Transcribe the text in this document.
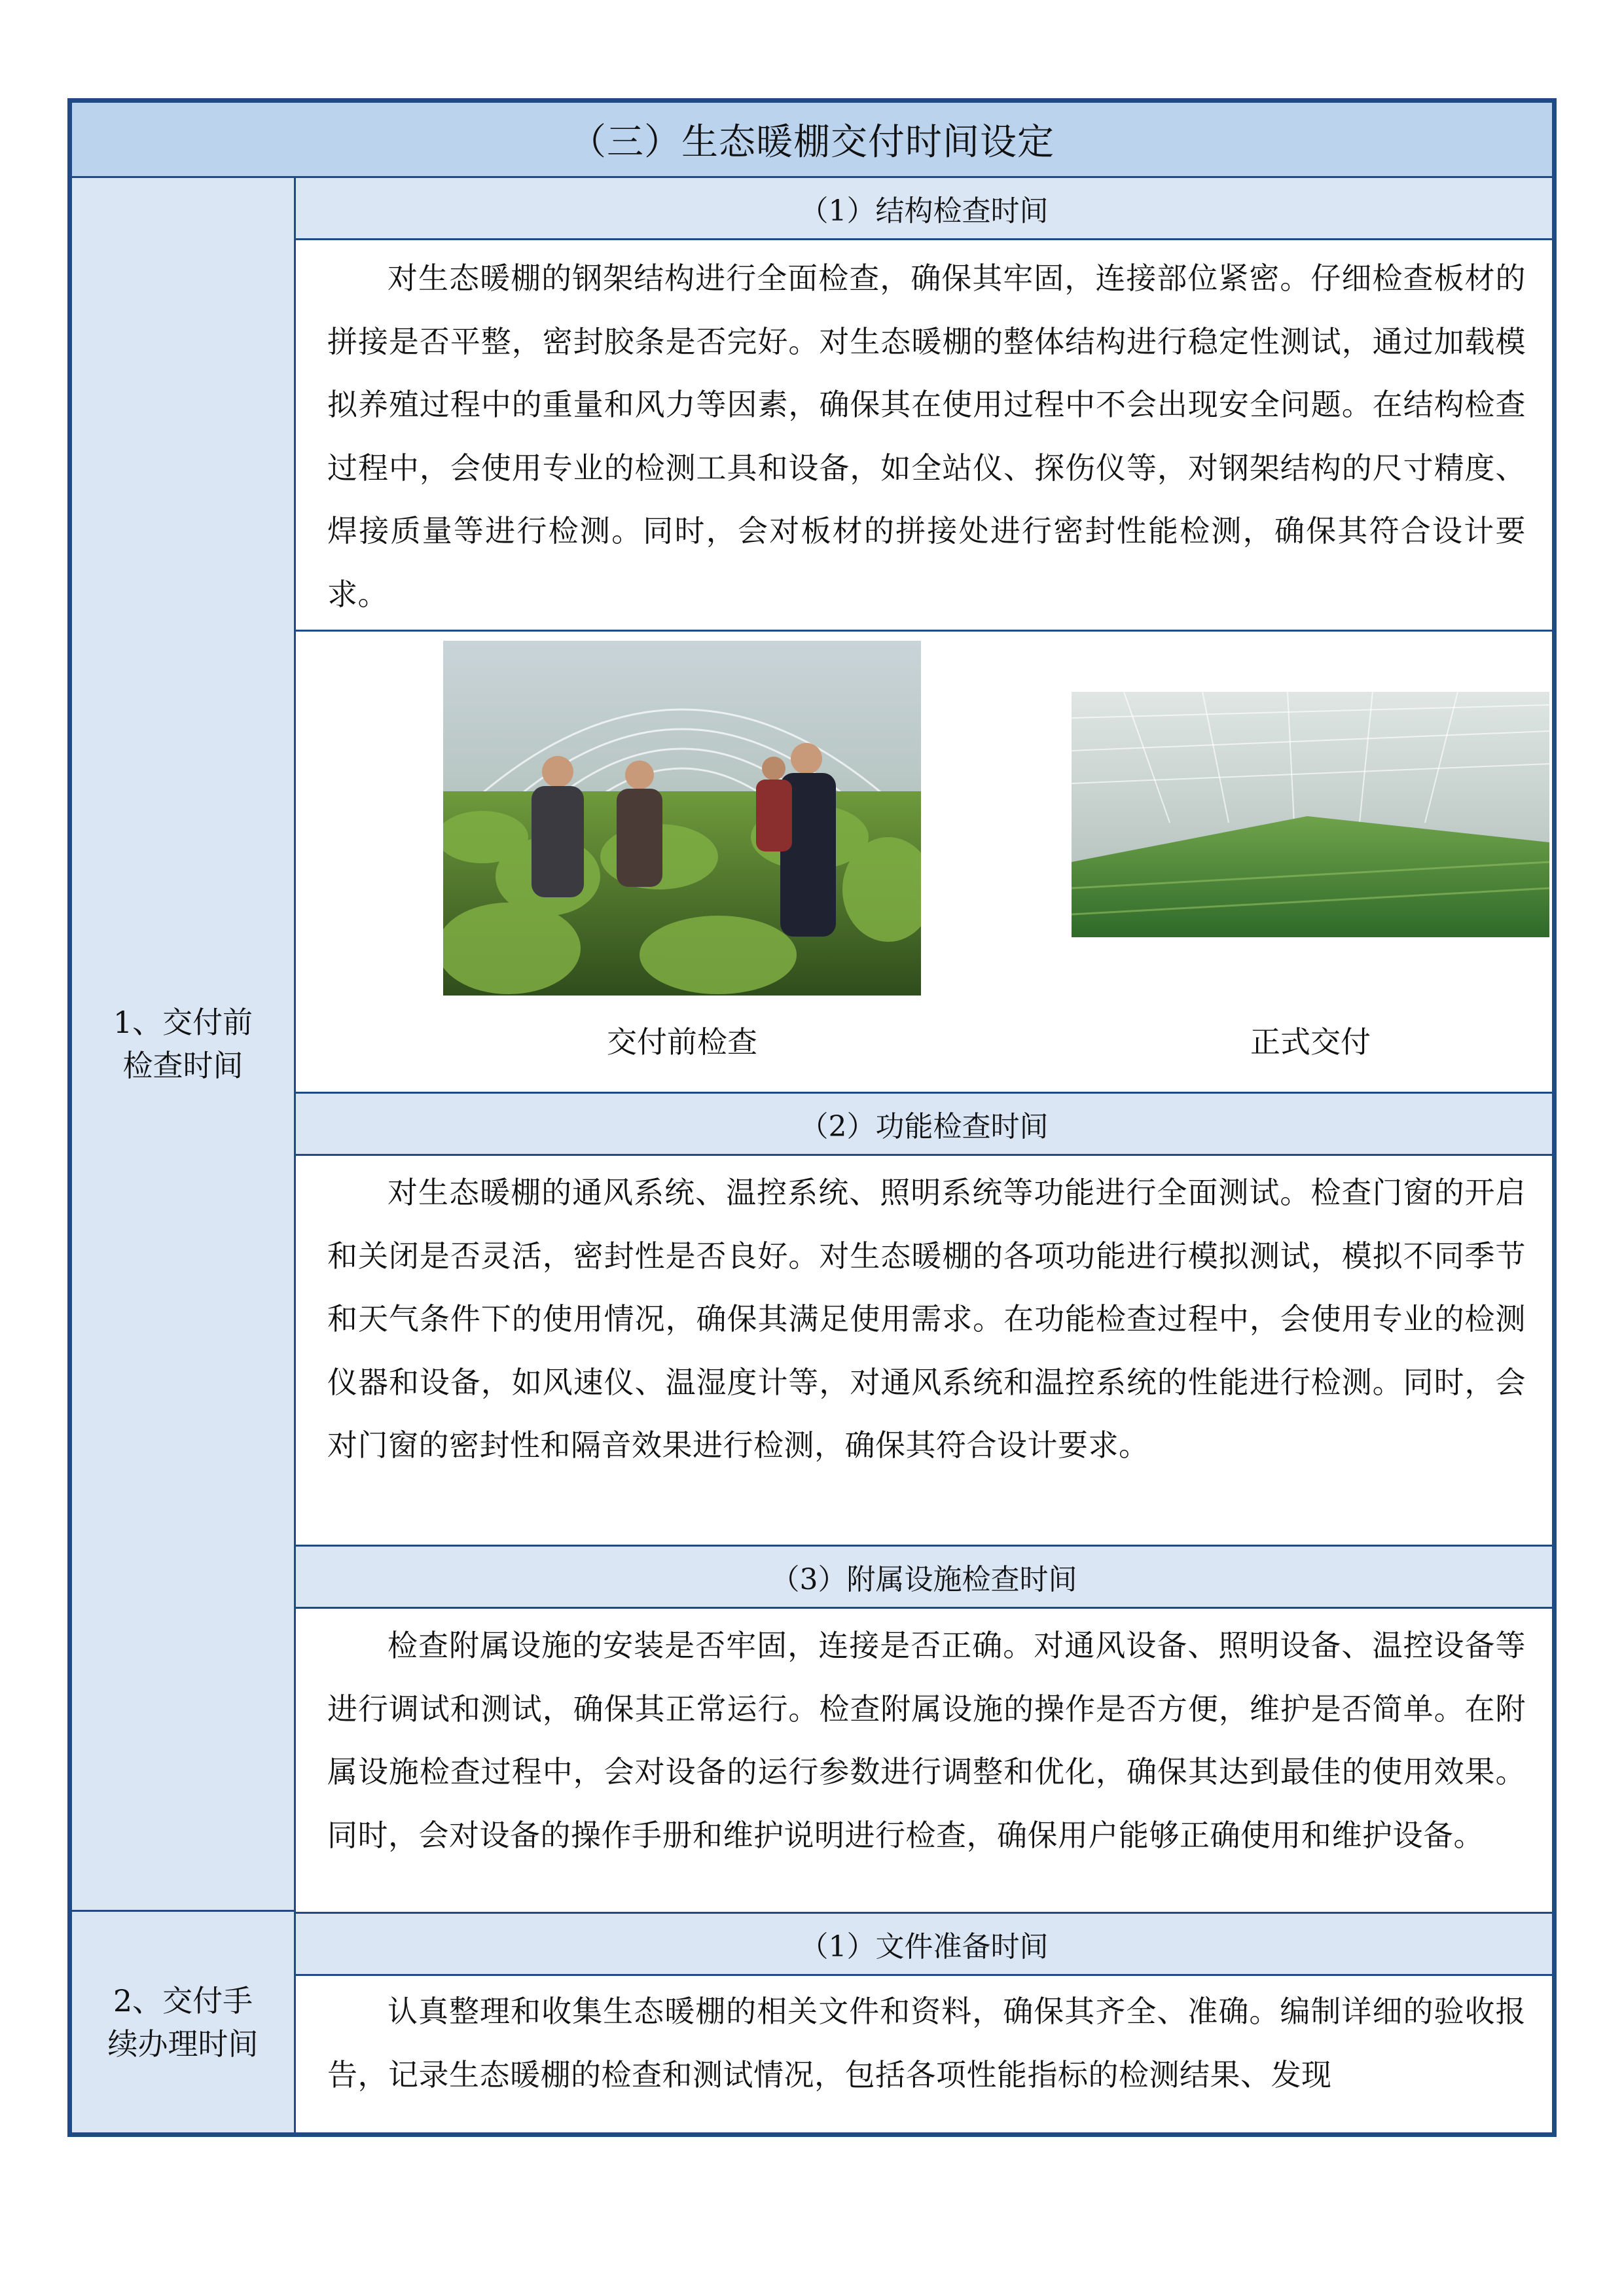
（三）生态暖棚交付时间设定
1、交付前
检查时间
（1）结构检查时间
对生态暖棚的钢架结构进行全面检查，确保其牢固，连接部位紧密。仔细检查板材的拼接是否平整，密封胶条是否完好。对生态暖棚的整体结构进行稳定性测试，通过加载模拟养殖过程中的重量和风力等因素，确保其在使用过程中不会出现安全问题。在结构检查过程中，会使用专业的检测工具和设备，如全站仪、探伤仪等，对钢架结构的尺寸精度、焊接质量等进行检测。同时，会对板材的拼接处进行密封性能检测，确保其符合设计要求。
交付前检查	正式交付
（2）功能检查时间
对生态暖棚的通风系统、温控系统、照明系统等功能进行全面测试。检查门窗的开启和关闭是否灵活，密封性是否良好。对生态暖棚的各项功能进行模拟测试，模拟不同季节和天气条件下的使用情况，确保其满足使用需求。在功能检查过程中，会使用专业的检测仪器和设备，如风速仪、温湿度计等，对通风系统和温控系统的性能进行检测。同时，会对门窗的密封性和隔音效果进行检测，确保其符合设计要求。
（3）附属设施检查时间
检查附属设施的安装是否牢固，连接是否正确。对通风设备、照明设备、温控设备等进行调试和测试，确保其正常运行。检查附属设施的操作是否方便，维护是否简单。在附属设施检查过程中，会对设备的运行参数进行调整和优化，确保其达到最佳的使用效果。同时，会对设备的操作手册和维护说明进行检查，确保用户能够正确使用和维护设备。
2、交付手
续办理时间
（1）文件准备时间
认真整理和收集生态暖棚的相关文件和资料，确保其齐全、准确。编制详细的验收报告，记录生态暖棚的检查和测试情况，包括各项性能指标的检测结果、发现
